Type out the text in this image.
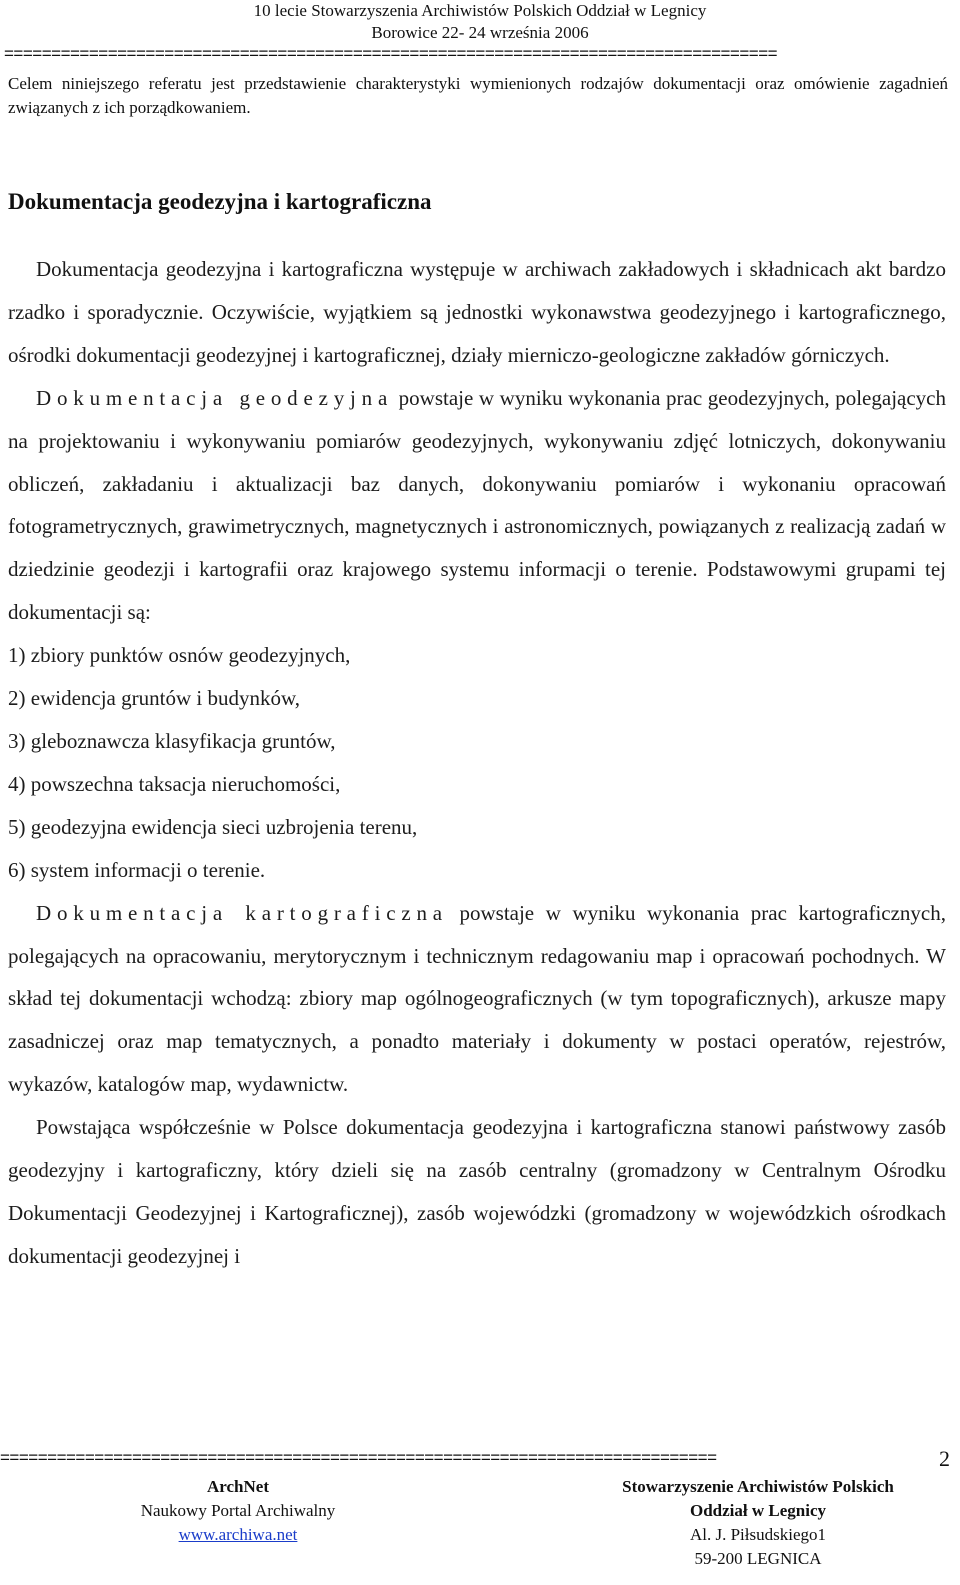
10 lecie Stowarzyszenia Archiwistów Polskich Oddział w Legnicy
Borowice 22- 24 września 2006
==================================================================================

Celem niniejszego referatu jest przedstawienie charakterystyki wymienionych rodzajów dokumentacji oraz omówienie zagadnień związanych z ich porządkowaniem.

Dokumentacja geodezyjna i kartograficzna

Dokumentacja geodezyjna i kartograficzna występuje w archiwach zakładowych i składnicach akt bardzo rzadko i sporadycznie. Oczywiście, wyjątkiem są jednostki wykonawstwa geodezyjnego i kartograficznego, ośrodki dokumentacji geodezyjnej i kartograficznej, działy mierniczo-geologiczne zakładów górniczych.

Dokumentacja geodezyjna powstaje w wyniku wykonania prac geodezyjnych, polegających na projektowaniu i wykonywaniu pomiarów geodezyjnych, wykonywaniu zdjęć lotniczych, dokonywaniu obliczeń, zakładaniu i aktualizacji baz danych, dokonywaniu pomiarów i wykonaniu opracowań fotogrametrycznych, grawimetrycznych, magnetycznych i astronomicznych, powiązanych z realizacją zadań w dziedzinie geodezji i kartografii oraz krajowego systemu informacji o terenie. Podstawowymi grupami tej dokumentacji są:

1) zbiory punktów osnów geodezyjnych,
2) ewidencja gruntów i budynków,
3) gleboznawcza klasyfikacja gruntów,
4) powszechna taksacja nieruchomości,
5) geodezyjna ewidencja sieci uzbrojenia terenu,
6) system informacji o terenie.

Dokumentacja kartograficzna powstaje w wyniku wykonania prac kartograficznych, polegających na opracowaniu, merytorycznym i technicznym redagowaniu map i opracowań pochodnych. W skład tej dokumentacji wchodzą: zbiory map ogólnogeograficznych (w tym topograficznych), arkusze mapy zasadniczej oraz map tematycznych, a ponadto materiały i dokumenty w postaci operatów, rejestrów, wykazów, katalogów map, wydawnictw.

Powstająca współcześnie w Polsce dokumentacja geodezyjna i kartograficzna stanowi państwowy zasób geodezyjny i kartograficzny, który dzieli się na zasób centralny (gromadzony w Centralnym Ośrodku Dokumentacji Geodezyjnej i Kartograficznej), zasób wojewódzki (gromadzony w wojewódzkich ośrodkach dokumentacji geodezyjnej i

============================================================================	2
ArchNet
Naukowy Portal Archiwalny
www.archiwa.net
Stowarzyszenie Archiwistów Polskich
Oddział w Legnicy
Al. J. Piłsudskiego1
59-200 LEGNICA
